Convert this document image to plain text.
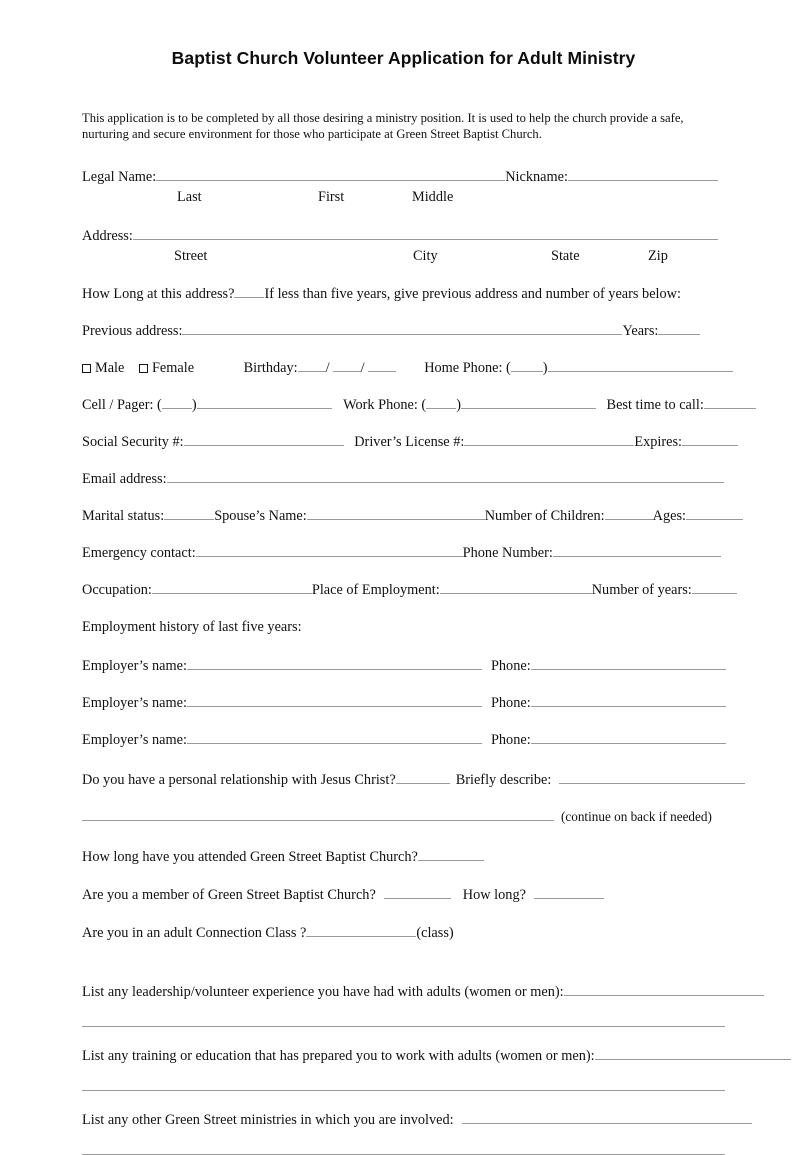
Baptist Church Volunteer Application for Adult Ministry

This application is to be completed by all those desiring a ministry position. It is used to help the church provide a safe, nurturing and secure environment for those who participate at Green Street Baptist Church.

Legal Name:	Nickname:
Last	First	Middle
Address:
Street	City	State	Zip
How Long at this address? If less than five years, give previous address and number of years below:
Previous address:	Years:
Male Female	Birthday: / /	Home Phone: ( )
Cell / Pager: ( )	Work Phone: ( )	Best time to call:
Social Security #:	Driver’s License #:	Expires:
Email address:
Marital status:	Spouse’s Name:	Number of Children:	Ages:
Emergency contact:	Phone Number:
Occupation:	Place of Employment:	Number of years:
Employment history of last five years:
Employer’s name:	Phone:
Employer’s name:	Phone:
Employer’s name:	Phone:
Do you have a personal relationship with Jesus Christ?	Briefly describe:
(continue on back if needed)
How long have you attended Green Street Baptist Church?
Are you a member of Green Street Baptist Church?	How long?
Are you in an adult Connection Class ?	(class)
List any leadership/volunteer experience you have had with adults (women or men):
List any training or education that has prepared you to work with adults (women or men):
List any other Green Street ministries in which you are involved:
